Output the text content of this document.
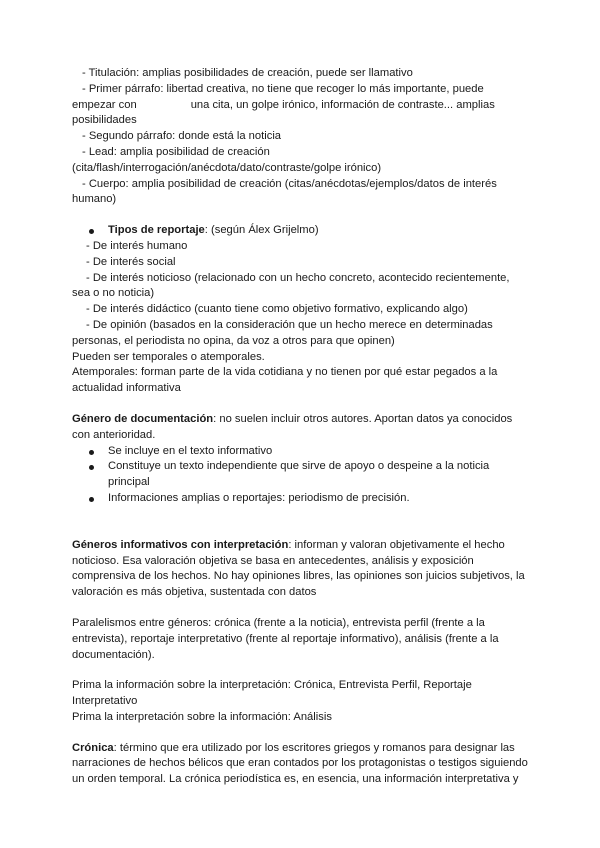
- Titulación: amplias posibilidades de creación, puede ser llamativo

- Primer párrafo: libertad creativa, no tiene que recoger lo más importante, puede

empezar con	una cita, un golpe irónico, información de contraste... amplias

posibilidades

- Segundo párrafo: donde está la noticia

- Lead: amplia posibilidad de creación

(cita/flash/interrogación/anécdota/dato/contraste/golpe irónico)

- Cuerpo: amplia posibilidad de creación (citas/anécdotas/ejemplos/datos de interés

humano)

Tipos de reportaje: (según Álex Grijelmo)

- De interés humano

- De interés social

- De interés noticioso (relacionado con un hecho concreto, acontecido recientemente,

sea o no noticia)

- De interés didáctico (cuanto tiene como objetivo formativo, explicando algo)

- De opinión (basados en la consideración que un hecho merece en determinadas

personas, el periodista no opina, da voz a otros para que opinen)

Pueden ser temporales o atemporales.

Atemporales: forman parte de la vida cotidiana y no tienen por qué estar pegados a la

actualidad informativa

Género de documentación: no suelen incluir otros autores. Aportan datos ya conocidos

con anterioridad.

Se incluye en el texto informativo

Constituye un texto independiente que sirve de apoyo o despeine a la noticia

principal

Informaciones amplias o reportajes: periodismo de precisión.

Géneros informativos con interpretación: informan y valoran objetivamente el hecho

noticioso. Esa valoración objetiva se basa en antecedentes, análisis y exposición

comprensiva de los hechos. No hay opiniones libres, las opiniones son juicios subjetivos, la

valoración es más objetiva, sustentada con datos

Paralelismos entre géneros: crónica (frente a la noticia), entrevista perfil (frente a la

entrevista), reportaje interpretativo (frente al reportaje informativo), análisis (frente a la

documentación).

Prima la información sobre la interpretación: Crónica, Entrevista Perfil, Reportaje

Interpretativo

Prima la interpretación sobre la información: Análisis

Crónica: término que era utilizado por los escritores griegos y romanos para designar las

narraciones de hechos bélicos que eran contados por los protagonistas o testigos siguiendo

un orden temporal. La crónica periodística es, en esencia, una información interpretativa y
